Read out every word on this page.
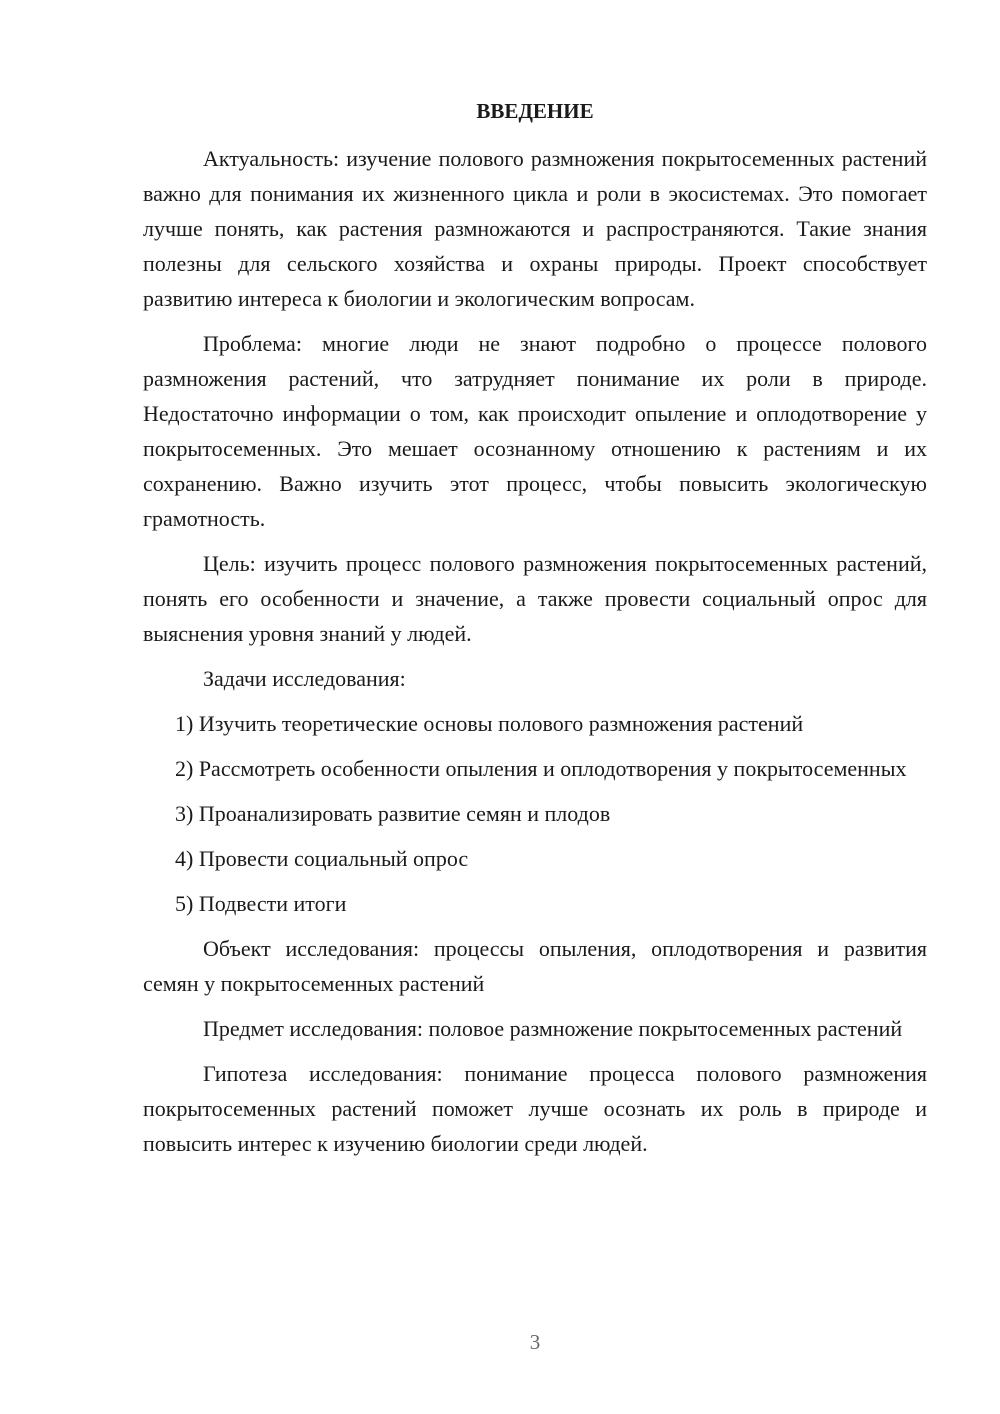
ВВЕДЕНИЕ

Актуальность: изучение полового размножения покрытосеменных растений важно для понимания их жизненного цикла и роли в экосистемах. Это помогает лучше понять, как растения размножаются и распространяются. Такие знания полезны для сельского хозяйства и охраны природы. Проект способствует развитию интереса к биологии и экологическим вопросам.

Проблема: многие люди не знают подробно о процессе полового размножения растений, что затрудняет понимание их роли в природе. Недостаточно информации о том, как происходит опыление и оплодотворение у покрытосеменных. Это мешает осознанному отношению к растениям и их сохранению. Важно изучить этот процесс, чтобы повысить экологическую грамотность.

Цель: изучить процесс полового размножения покрытосеменных растений, понять его особенности и значение, а также провести социальный опрос для выяснения уровня знаний у людей.

Задачи исследования:

1) Изучить теоретические основы полового размножения растений

2) Рассмотреть особенности опыления и оплодотворения у покрытосеменных

3) Проанализировать развитие семян и плодов

4) Провести социальный опрос

5) Подвести итоги

Объект исследования: процессы опыления, оплодотворения и развития семян у покрытосеменных растений

Предмет исследования: половое размножение покрытосеменных растений

Гипотеза исследования: понимание процесса полового размножения покрытосеменных растений поможет лучше осознать их роль в природе и повысить интерес к изучению биологии среди людей.

3
